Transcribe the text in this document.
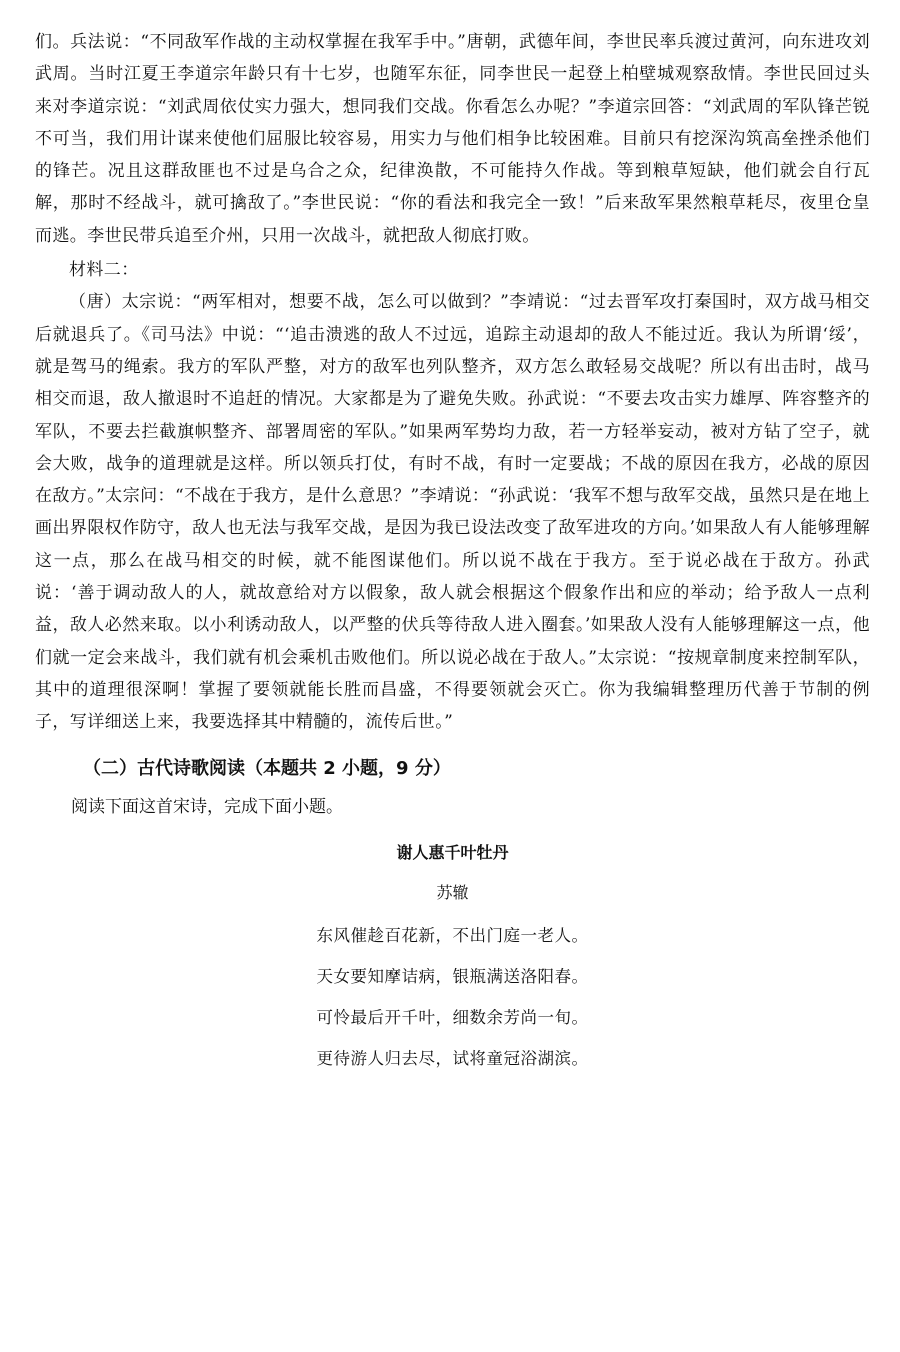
们。兵法说：“不同敌军作战的主动权掌握在我军手中。”唐朝，武德年间，李世民率兵渡过黄河，向东进攻刘武周。当时江夏王李道宗年龄只有十七岁，也随军东征，同李世民一起登上柏壁城观察敌情。李世民回过头来对李道宗说：“刘武周依仗实力强大，想同我们交战。你看怎么办呢？”李道宗回答：“刘武周的军队锋芒锐不可当，我们用计谋来使他们屈服比较容易，用实力与他们相争比较困难。目前只有挖深沟筑高垒挫杀他们的锋芒。况且这群敌匪也不过是乌合之众，纪律涣散，不可能持久作战。等到粮草短缺，他们就会自行瓦解，那时不经战斗，就可擒敌了。”李世民说：“你的看法和我完全一致！”后来敌军果然粮草耗尽，夜里仓皇而逃。李世民带兵追至介州，只用一次战斗，就把敌人彻底打败。

材料二：

（唐）太宗说：“两军相对，想要不战，怎么可以做到？”李靖说：“过去晋军攻打秦国时，双方战马相交后就退兵了。《司马法》中说：“‘追击溃逃的敌人不过远，追踪主动退却的敌人不能过近。我认为所谓‘绥’，就是驾马的绳索。我方的军队严整，对方的敌军也列队整齐，双方怎么敢轻易交战呢？所以有出击时，战马相交而退，敌人撤退时不追赶的情况。大家都是为了避免失败。孙武说：“不要去攻击实力雄厚、阵容整齐的军队，不要去拦截旗帜整齐、部署周密的军队。”如果两军势均力敌，若一方轻举妄动，被对方钻了空子，就会大败，战争的道理就是这样。所以领兵打仗，有时不战，有时一定要战；不战的原因在我方，必战的原因在敌方。”太宗问：“不战在于我方，是什么意思？”李靖说：“孙武说：‘我军不想与敌军交战，虽然只是在地上画出界限权作防守，敌人也无法与我军交战，是因为我已设法改变了敌军进攻的方向。’如果敌人有人能够理解这一点，那么在战马相交的时候，就不能图谋他们。所以说不战在于我方。至于说必战在于敌方。孙武说：‘善于调动敌人的人，就故意给对方以假象，敌人就会根据这个假象作出和应的举动；给予敌人一点利益，敌人必然来取。以小利诱动敌人，以严整的伏兵等待敌人进入圈套。’如果敌人没有人能够理解这一点，他们就一定会来战斗，我们就有机会乘机击败他们。所以说必战在于敌人。”太宗说：“按规章制度来控制军队，其中的道理很深啊！掌握了要领就能长胜而昌盛，不得要领就会灭亡。你为我编辑整理历代善于节制的例子，写详细送上来，我要选择其中精髓的，流传后世。”

（二）古代诗歌阅读（本题共 2 小题，9 分）
阅读下面这首宋诗，完成下面小题。
谢人惠千叶牡丹
苏辙
东风催趁百花新，不出门庭一老人。
天女要知摩诘病，银瓶满送洛阳春。
可怜最后开千叶，细数余芳尚一旬。
更待游人归去尽，试将童冠浴湖滨。
